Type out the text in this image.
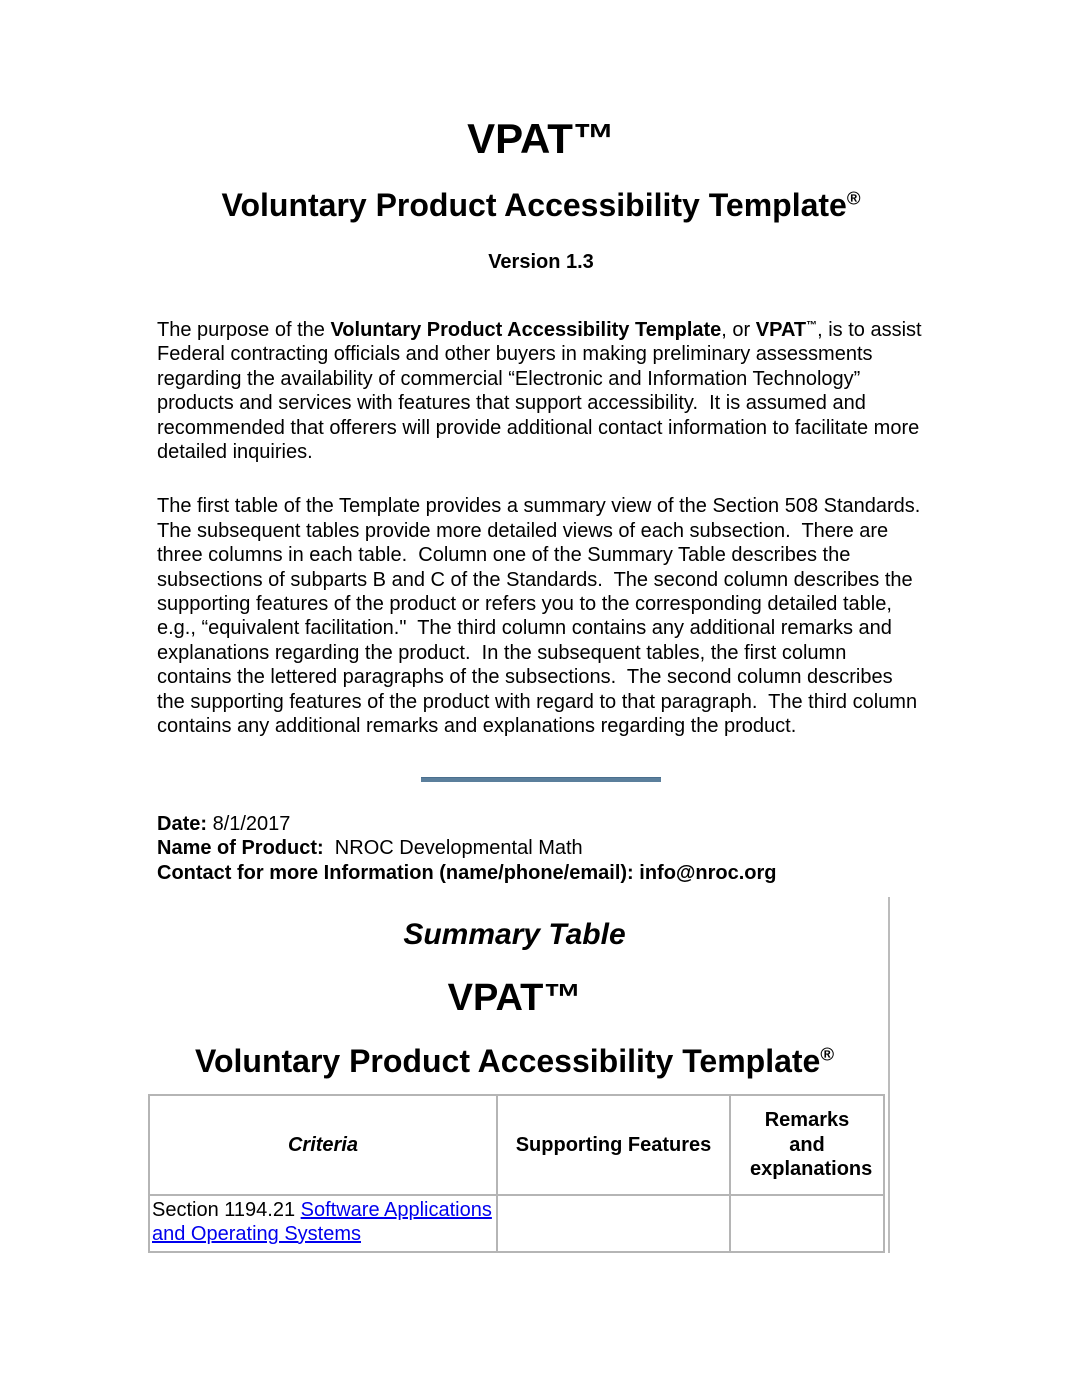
VPAT™
Voluntary Product Accessibility Template®
Version 1.3

The purpose of the Voluntary Product Accessibility Template, or VPAT™, is to assist Federal contracting officials and other buyers in making preliminary assessments regarding the availability of commercial “Electronic and Information Technology” products and services with features that support accessibility.  It is assumed and recommended that offerers will provide additional contact information to facilitate more detailed inquiries.

The first table of the Template provides a summary view of the Section 508 Standards.  The subsequent tables provide more detailed views of each subsection.  There are three columns in each table.  Column one of the Summary Table describes the subsections of subparts B and C of the Standards.  The second column describes the supporting features of the product or refers you to the corresponding detailed table, e.g., “equivalent facilitation."  The third column contains any additional remarks and explanations regarding the product.  In the subsequent tables, the first column contains the lettered paragraphs of the subsections.  The second column describes the supporting features of the product with regard to that paragraph.  The third column contains any additional remarks and explanations regarding the product.

Date: 8/1/2017
Name of Product:  NROC Developmental Math
Contact for more Information (name/phone/email): info@nroc.org
Summary Table
VPAT™
Voluntary Product Accessibility Template®
Criteria	Supporting Features	Remarks and explanations

Section 1194.21 Software Applications and Operating Systems		
